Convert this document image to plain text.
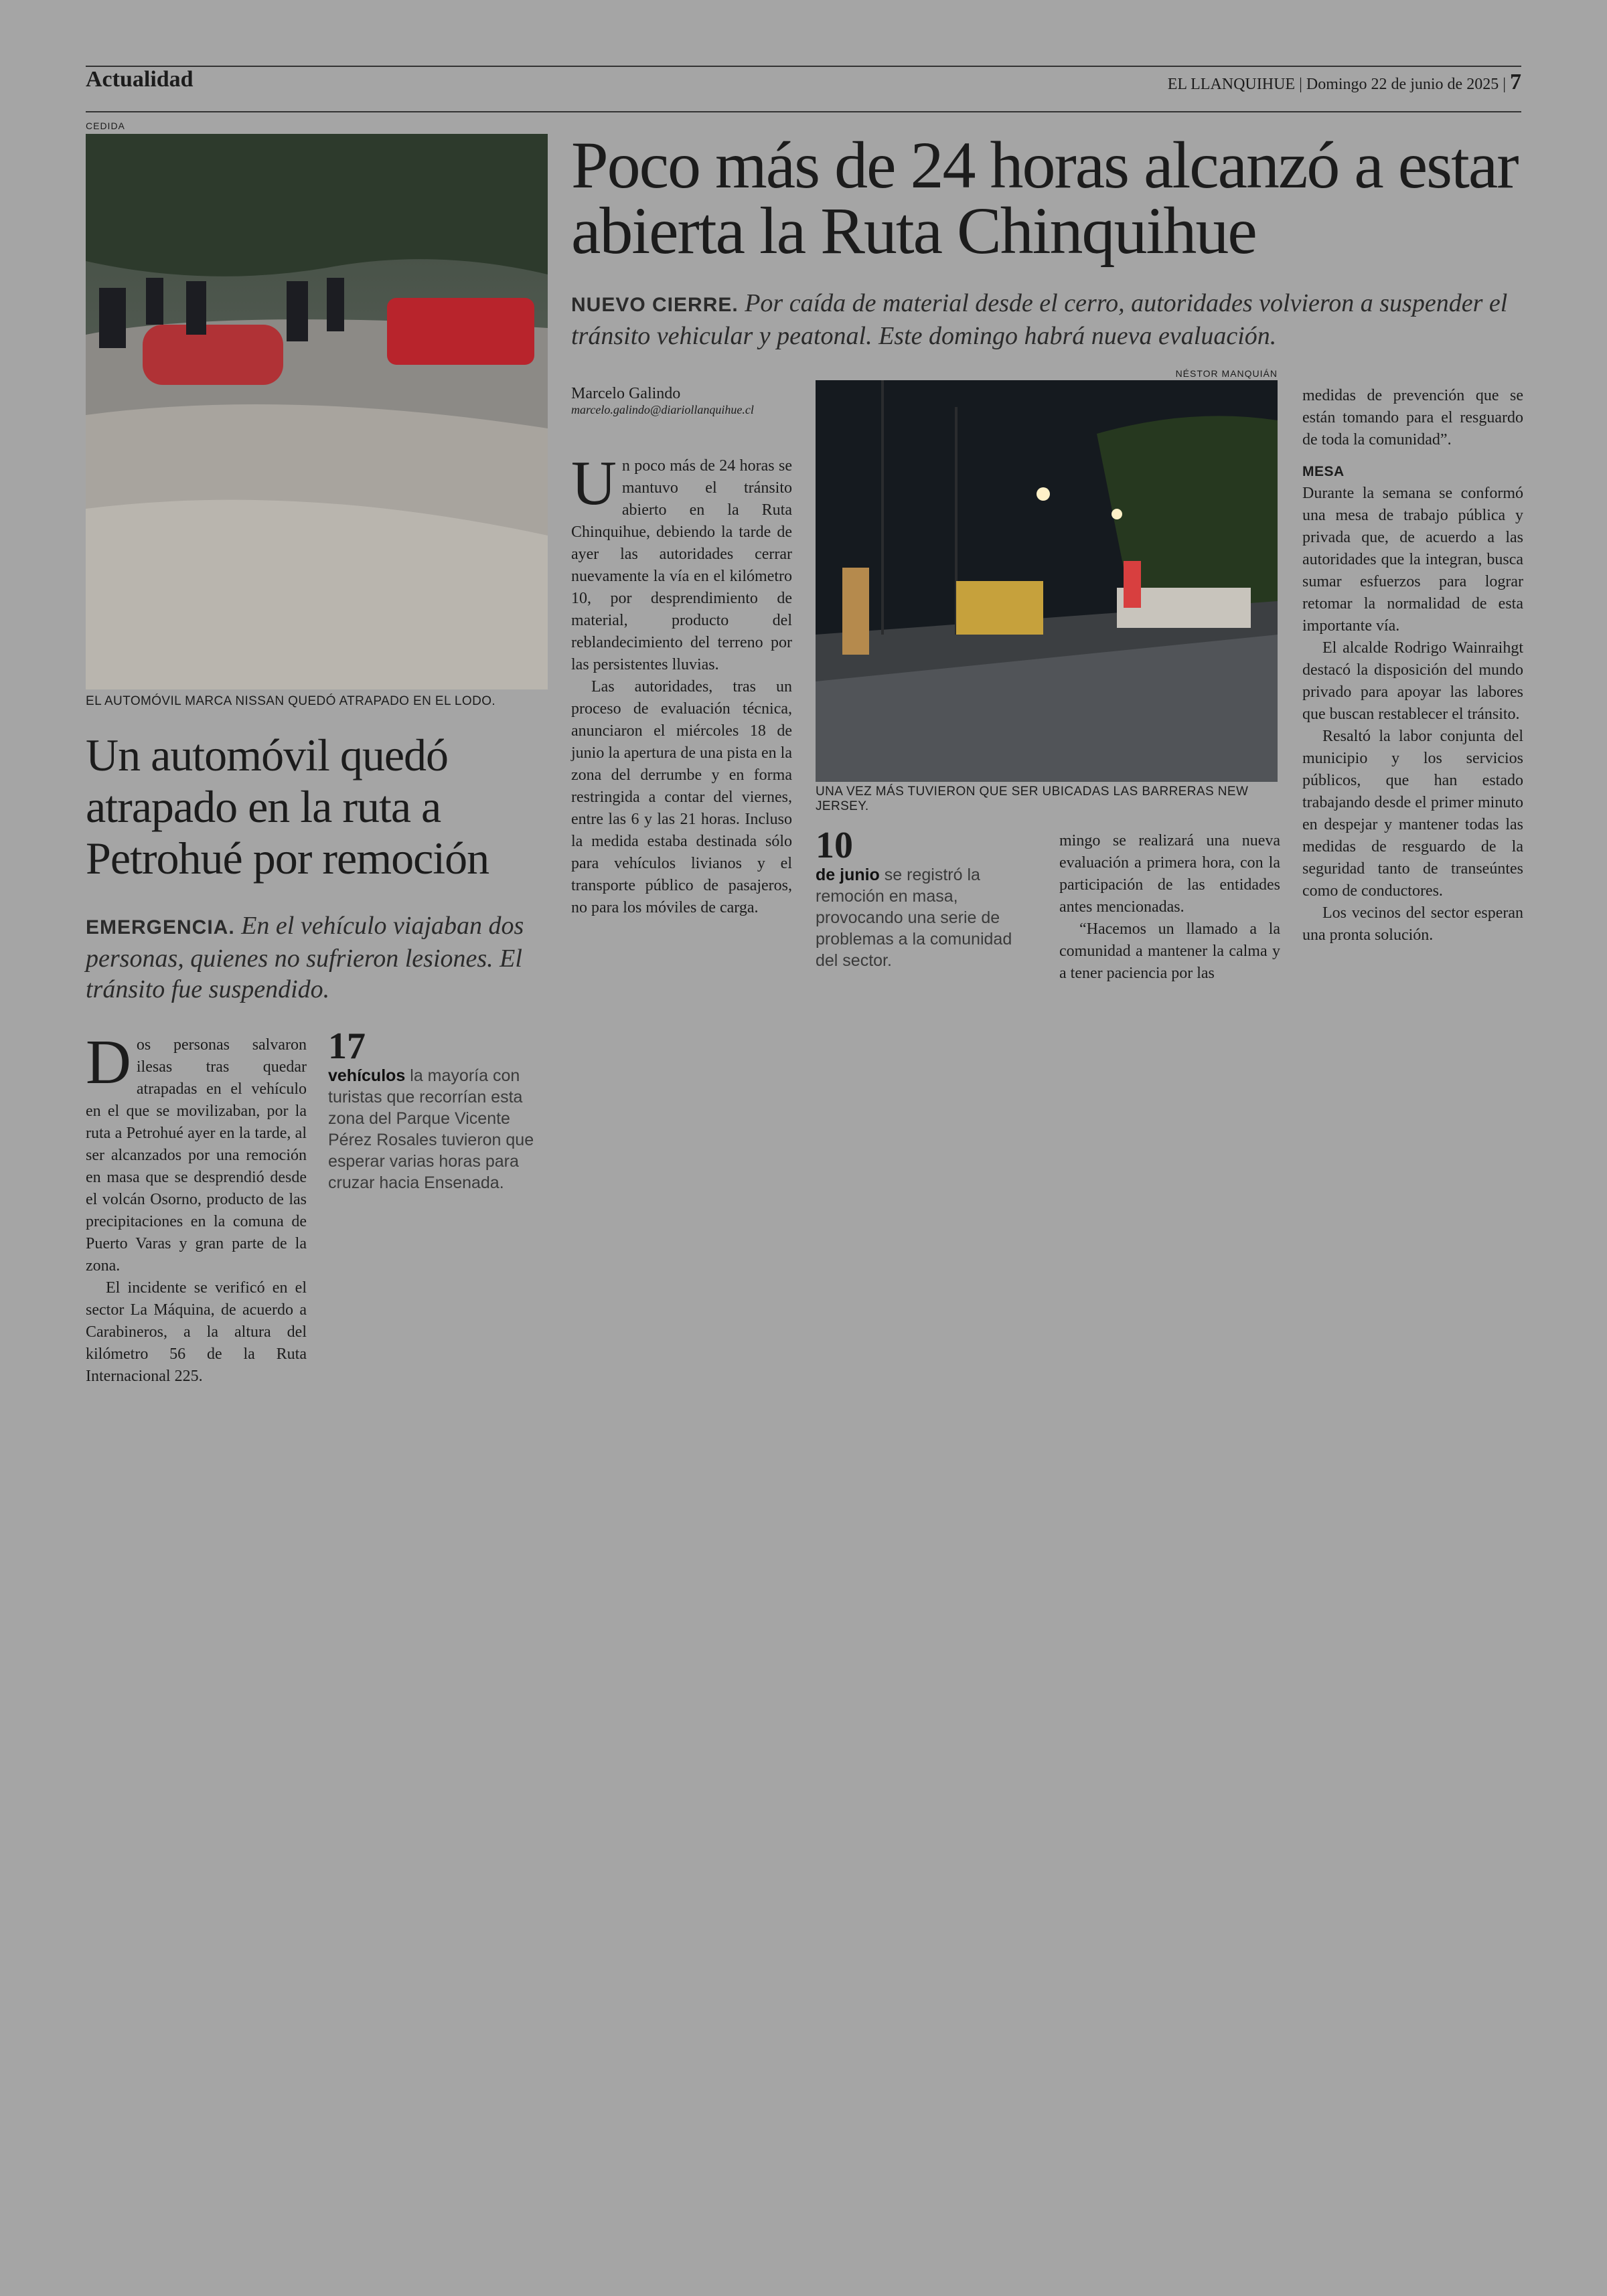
Actualidad	EL LLANQUIHUE | Domingo 22 de junio de 2025 | 7
CEDIDA
EL AUTOMÓVIL MARCA NISSAN QUEDÓ ATRAPADO EN EL LODO.
Un automóvil quedó atrapado en la ruta a Petrohué por remoción
EMERGENCIA. En el vehículo viajaban dos personas, quienes no sufrieron lesiones. El tránsito fue suspendido.
D os personas salvaron ilesas tras quedar atrapadas en el vehículo en el que se movilizaban, por la ruta a Petrohué ayer en la tarde, al ser alcanzados por una remoción en masa que se desprendió desde el volcán Osorno, producto de las precipitaciones en la comuna de Puerto Varas y gran parte de la zona.

El incidente se verificó en el sector La Máquina, de acuerdo a Carabineros, a la altura del kilómetro 56 de la Ruta Internacional 225.

17
vehículos la mayoría con turistas que recorrían esta zona del Parque Vicente Pérez Rosales tuvieron que esperar varias horas para cruzar hacia Ensenada.
Poco más de 24 horas alcanzó a estar abierta la Ruta Chinquihue
NUEVO CIERRE. Por caída de material desde el cerro, autoridades volvieron a suspender el tránsito vehicular y peatonal. Este domingo habrá nueva evaluación.
Marcelo Galindo
marcelo.galindo@diariollanquihue.cl
U n poco más de 24 horas se mantuvo el tránsito abierto en la Ruta Chinquihue, debiendo la tarde de ayer las autoridades cerrar nuevamente la vía en el kilómetro 10, por desprendimiento de material, producto del reblandecimiento del terreno por las persistentes lluvias.

Las autoridades, tras un proceso de evaluación técnica, anunciaron el miércoles 18 de junio la apertura de una pista en la zona del derrumbe y en forma restringida a contar del viernes, entre las 6 y las 21 horas. Incluso la medida estaba destinada sólo para vehículos livianos y el transporte público de pasajeros, no para los móviles de carga.

NÉSTOR MANQUIÁN
UNA VEZ MÁS TUVIERON QUE SER UBICADAS LAS BARRERAS NEW JERSEY.
10
de junio se registró la remoción en masa, provocando una serie de problemas a la comunidad del sector.

mingo se realizará una nueva evaluación a primera hora, con la participación de las entidades antes mencionadas.

“Hacemos un llamado a la comunidad a mantener la calma y a tener paciencia por las

medidas de prevención que se están tomando para el resguardo de toda la comunidad”.

MESA

Durante la semana se conformó una mesa de trabajo pública y privada que, de acuerdo a las autoridades que la integran, busca sumar esfuerzos para lograr retomar la normalidad de esta importante vía.

El alcalde Rodrigo Wainraihgt destacó la disposición del mundo privado para apoyar las labores que buscan restablecer el tránsito.

Resaltó la labor conjunta del municipio y los servicios públicos, que han estado trabajando desde el primer minuto en despejar y mantener todas las medidas de resguardo de la seguridad tanto de transeúntes como de conductores.

Los vecinos del sector esperan una pronta solución.
